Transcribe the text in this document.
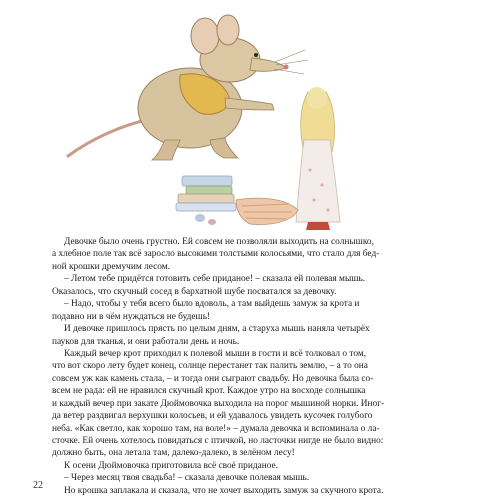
Девочке было очень грустно. Ей совсем не позволяли выходить на солнышко,
а хлебное поле так всё заросло высокими толстыми колосьями, что стало для бед-
ной крошки дремучим лесом.
– Летом тебе придётся готовить себе приданое! – сказала ей полевая мышь.
Оказалось, что скучный сосед в бархатной шубе посватался за девочку.
– Надо, чтобы у тебя всего было вдоволь, а там выйдешь замуж за крота и
подавно ни в чём нуждаться не будешь!
И девочке пришлось прясть по целым дням, а старуха мышь наняла четырёх
пауков для тканья, и они работали день и ночь.
Каждый вечер крот приходил к полевой мыши в гости и всё толковал о том,
что вот скоро лету будет конец, солнце перестанет так палить землю, – а то она
совсем уж как камень стала, – и тогда они сыграют свадьбу. Но девочка была со-
всем не рада: ей не нравился скучный крот. Каждое утро на восходе солнышка
и каждый вечер при закате Дюймовочка выходила на порог мышиной норки. Иног-
да ветер раздвигал верхушки колосьев, и ей удавалось увидеть кусочек голубого
неба. «Как светло, как хорошо там, на воле!» – думала девочка и вспоминала о ла-
сточке. Ей очень хотелось повидаться с птичкой, но ласточки нигде не было видно:
должно быть, она летала там, далеко-далеко, в зелёном лесу!
К осени Дюймовочка приготовила всё своё приданое.
– Через месяц твоя свадьба! – сказала девочке полевая мышь.
Но крошка заплакала и сказала, что не хочет выходить замуж за скучного крота.
22
